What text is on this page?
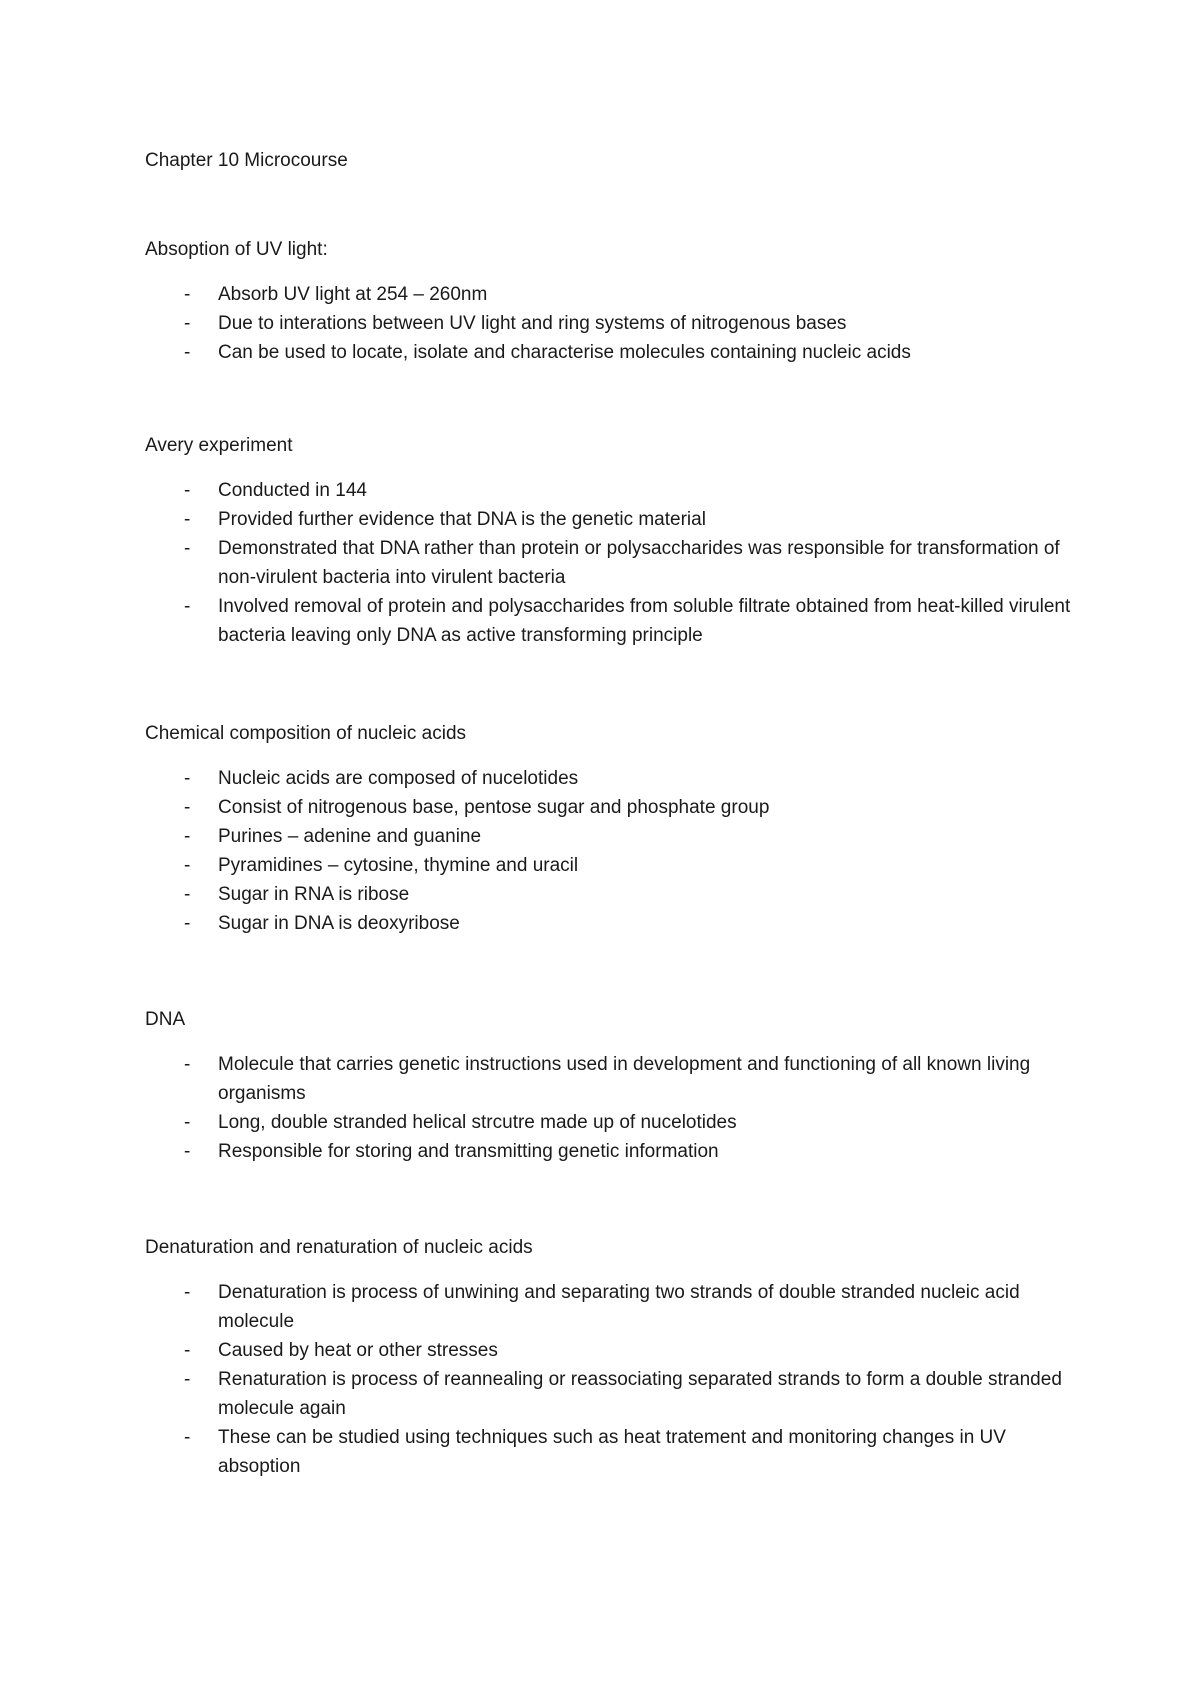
Chapter 10 Microcourse
Absoption of UV light:
- Absorb UV light at 254 – 260nm
- Due to interations between UV light and ring systems of nitrogenous bases
- Can be used to locate, isolate and characterise molecules containing nucleic acids
Avery experiment
- Conducted in 144
- Provided further evidence that DNA is the genetic material
- Demonstrated that DNA rather than protein or polysaccharides was responsible for transformation of non-virulent bacteria into virulent bacteria
- Involved removal of protein and polysaccharides from soluble filtrate obtained from heat-killed virulent bacteria leaving only DNA as active transforming principle
Chemical composition of nucleic acids
- Nucleic acids are composed of nucelotides
- Consist of nitrogenous base, pentose sugar and phosphate group
- Purines – adenine and guanine
- Pyramidines – cytosine, thymine and uracil
- Sugar in RNA is ribose
- Sugar in DNA is deoxyribose
DNA
- Molecule that carries genetic instructions used in development and functioning of all known living organisms
- Long, double stranded helical strcutre made up of nucelotides
- Responsible for storing and transmitting genetic information
Denaturation and renaturation of nucleic acids
- Denaturation is process of unwining and separating two strands of double stranded nucleic acid molecule
- Caused by heat or other stresses
- Renaturation is process of reannealing or reassociating separated strands to form a double stranded molecule again
- These can be studied using techniques such as heat tratement and monitoring changes in UV absoption
